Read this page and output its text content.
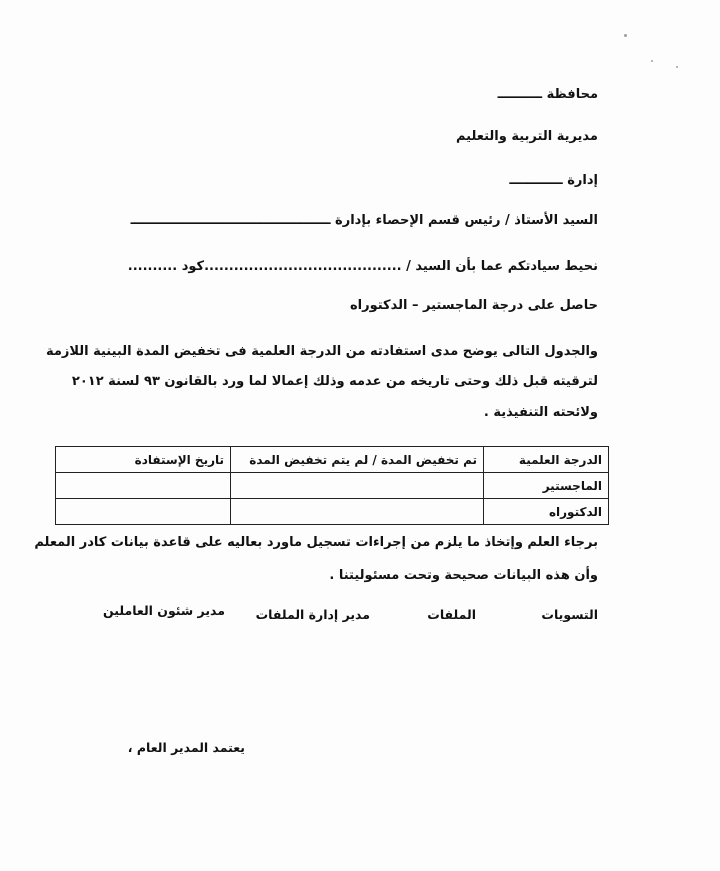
محافظة ــــــــــ
مديرية التربية والتعليم
إدارة ــــــــــــ
السيد الأستاذ / رئيس قسم الإحصاء بإدارة ـــــــــــــــــــــــــــــــــــــــــــــ
نحيط سيادتكم عما بأن السيد / ........................................كود ..........
حاصل على درجة الماجستير – الدكتوراه
والجدول التالى يوضح مدى استفادته من الدرجة العلمية فى تخفيض المدة البينية اللازمة
لترقيته قبل ذلك وحتى تاريخه من عدمه وذلك إعمالا لما ورد بالقانون ٩٣ لسنة ٢٠١٢
ولائحته التنفيذية .
الدرجة العلمية	تم تخفيض المدة / لم يتم تخفيض المدة	تاريخ الإستفادة
الماجستير		
الدكتوراه		
برجاء العلم وإتخاذ ما يلزم من إجراءات تسجيل ماورد بعاليه على قاعدة بيانات كادر المعلم
وأن هذه البيانات صحيحة وتحت مسئوليتنا .
التسويات
الملفات
مدير إدارة الملفات
مدير شئون العاملين
يعتمد المدير العام ،
